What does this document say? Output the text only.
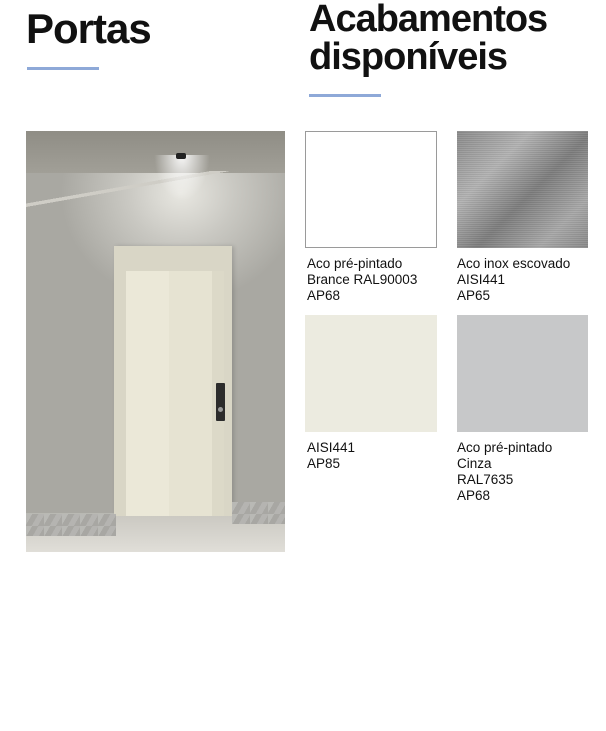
Portas	Acabamentos
disponíveis
Aco pré-pintado
Brance RAL90003
AP68
Aco inox escovado
AISI441
AP65
AISI441
AP85
Aco pré-pintado
Cinza
RAL7635
AP68
